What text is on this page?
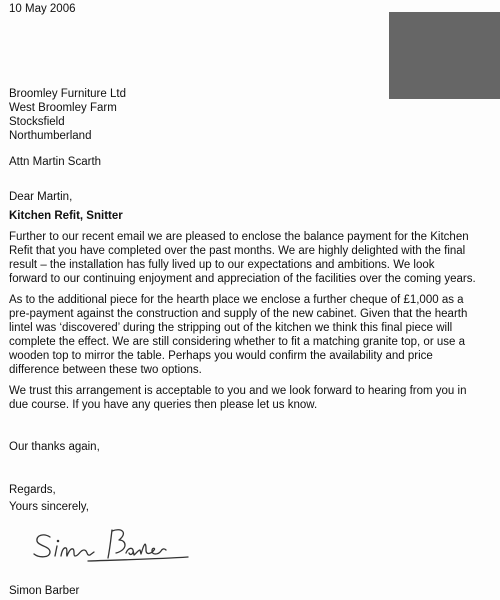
10 May 2006
Broomley Furniture Ltd
West Broomley Farm
Stocksfield
Northumberland
Attn Martin Scarth
Dear Martin,
Kitchen Refit, Snitter
Further to our recent email we are pleased to enclose the balance payment for the Kitchen
Refit that you have completed over the past months. We are highly delighted with the final
result – the installation has fully lived up to our expectations and ambitions. We look
forward to our continuing enjoyment and appreciation of the facilities over the coming years.
As to the additional piece for the hearth place we enclose a further cheque of £1,000 as a
pre-payment against the construction and supply of the new cabinet. Given that the hearth
lintel was ‘discovered’ during the stripping out of the kitchen we think this final piece will
complete the effect. We are still considering whether to fit a matching granite top, or use a
wooden top to mirror the table. Perhaps you would confirm the availability and price
difference between these two options.
We trust this arrangement is acceptable to you and we look forward to hearing from you in
due course. If you have any queries then please let us know.
Our thanks again,
Regards,
Yours sincerely,
Simon Barber
